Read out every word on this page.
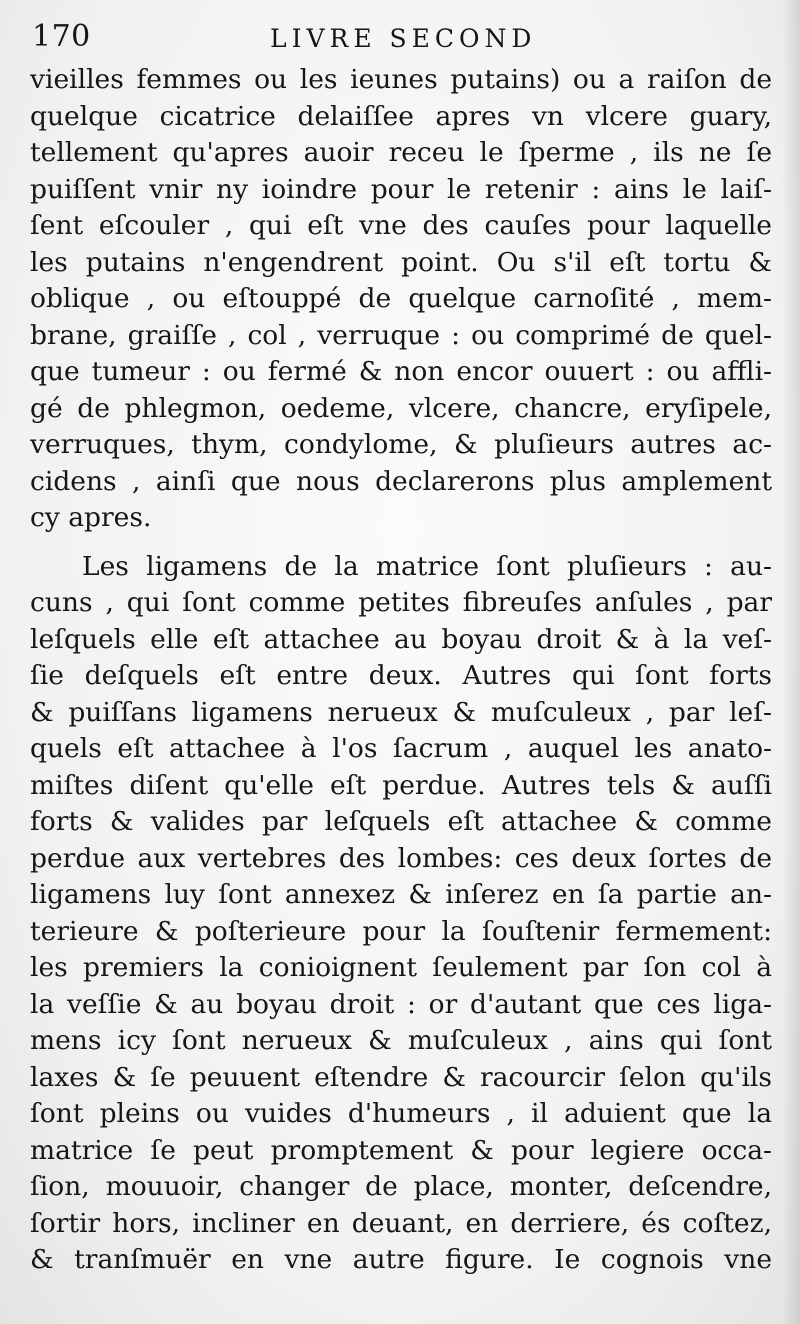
170	LIVRE SECOND
vieilles femmes ou les ieunes putains) ou a raiſon de
quelque cicatrice delaiſſee apres vn vlcere guary,
tellement qu'apres auoir receu le ſperme , ils ne ſe
puiſſent vnir ny ioindre pour le retenir : ains le laiſ-
ſent eſcouler , qui eſt vne des cauſes pour laquelle
les putains n'engendrent point. Ou s'il eſt tortu &
oblique , ou eſtouppé de quelque carnoſité , mem-
brane, graiſſe , col , verruque : ou comprimé de quel-
que tumeur : ou fermé & non encor ouuert : ou affli-
gé de phlegmon, oedeme, vlcere, chancre, eryſipele,
verruques, thym, condylome, & pluſieurs autres ac-
cidens , ainſi que nous declarerons plus amplement
cy apres.
Les ligamens de la matrice ſont pluſieurs : au-
cuns , qui ſont comme petites fibreuſes anſules , par
leſquels elle eſt attachee au boyau droit & à la veſ-
ſie deſquels eſt entre deux. Autres qui ſont forts
& puiſſans ligamens nerueux & muſculeux , par leſ-
quels eſt attachee à l'os ſacrum , auquel les anato-
miſtes diſent qu'elle eſt perdue. Autres tels & auſſi
forts & valides par leſquels eſt attachee & comme
perdue aux vertebres des lombes: ces deux ſortes de
ligamens luy ſont annexez & inſerez en ſa partie an-
terieure & poſterieure pour la ſouſtenir fermement:
les premiers la conioignent ſeulement par ſon col à
la veſſie & au boyau droit : or d'autant que ces liga-
mens icy ſont nerueux & muſculeux , ains qui ſont
laxes & ſe peuuent eſtendre & racourcir ſelon qu'ils
ſont pleins ou vuides d'humeurs , il aduient que la
matrice ſe peut promptement & pour legiere occa-
ſion, mouuoir, changer de place, monter, deſcendre,
ſortir hors, incliner en deuant, en derriere, és coſtez,
& tranſmuër en vne autre figure. Ie cognois vne
